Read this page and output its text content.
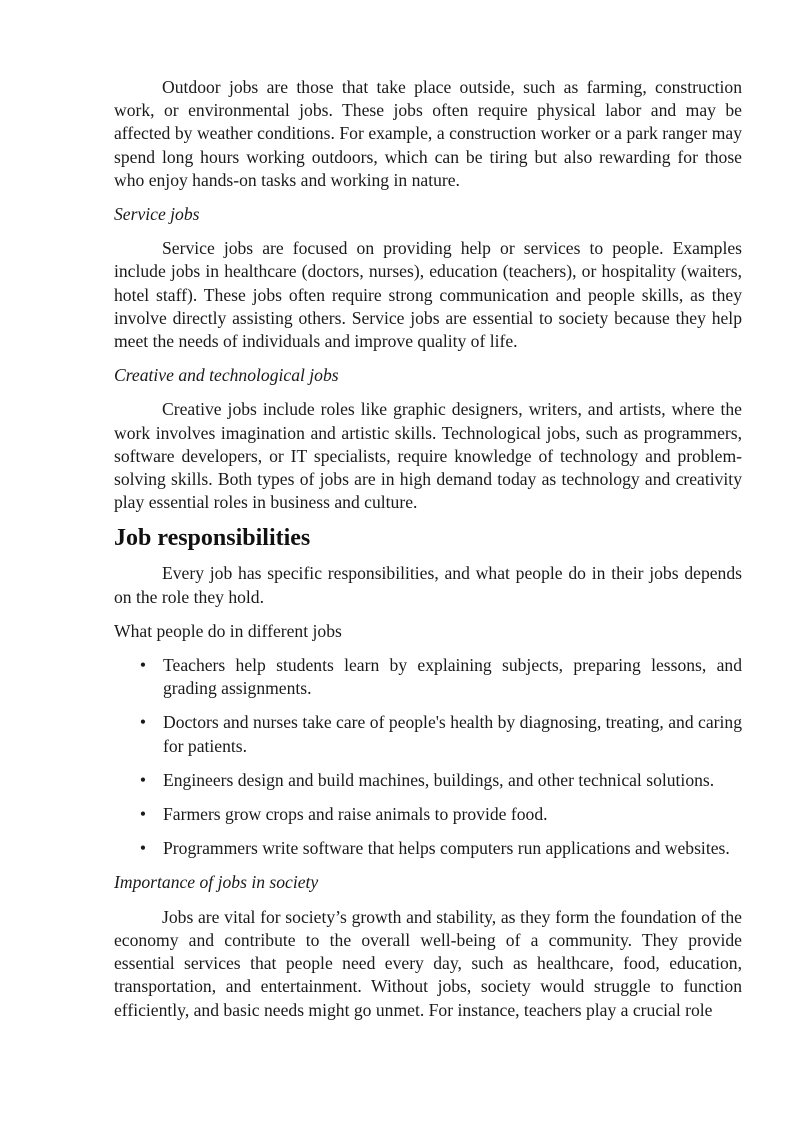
Outdoor jobs are those that take place outside, such as farming, construction work, or environmental jobs. These jobs often require physical labor and may be affected by weather conditions. For example, a construction worker or a park ranger may spend long hours working outdoors, which can be tiring but also rewarding for those who enjoy hands-on tasks and working in nature.

Service jobs

Service jobs are focused on providing help or services to people. Examples include jobs in healthcare (doctors, nurses), education (teachers), or hospitality (waiters, hotel staff). These jobs often require strong communication and people skills, as they involve directly assisting others. Service jobs are essential to society because they help meet the needs of individuals and improve quality of life.

Creative and technological jobs

Creative jobs include roles like graphic designers, writers, and artists, where the work involves imagination and artistic skills. Technological jobs, such as programmers, software developers, or IT specialists, require knowledge of technology and problem-solving skills. Both types of jobs are in high demand today as technology and creativity play essential roles in business and culture.

Job responsibilities

Every job has specific responsibilities, and what people do in their jobs depends on the role they hold.

What people do in different jobs
• Teachers help students learn by explaining subjects, preparing lessons, and grading assignments.
• Doctors and nurses take care of people's health by diagnosing, treating, and caring for patients.
• Engineers design and build machines, buildings, and other technical solutions.
• Farmers grow crops and raise animals to provide food.
• Programmers write software that helps computers run applications and websites.
Importance of jobs in society

Jobs are vital for society’s growth and stability, as they form the foundation of the economy and contribute to the overall well-being of a community. They provide essential services that people need every day, such as healthcare, food, education, transportation, and entertainment. Without jobs, society would struggle to function efficiently, and basic needs might go unmet. For instance, teachers play a crucial role
